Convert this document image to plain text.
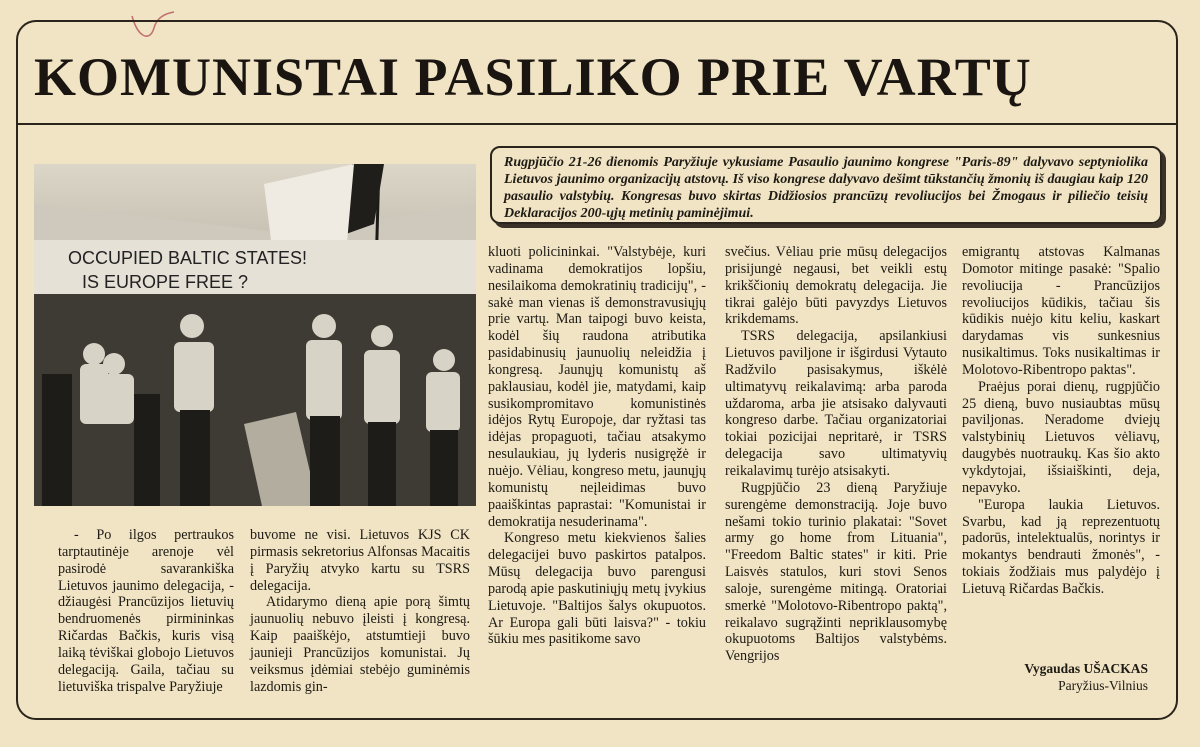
KOMUNISTAI PASILIKO PRIE VARTŲ
Rugpjūčio 21-26 dienomis Paryžiuje vykusiame Pasaulio jaunimo kongrese "Paris-89" dalyvavo septyniolika Lietuvos jaunimo organizacijų atstovų. Iš viso kongrese dalyvavo dešimt tūkstančių žmonių iš daugiau kaip 120 pasaulio valstybių. Kongresas buvo skirtas Didžiosios prancūzų revoliucijos bei Žmogaus ir piliečio teisių Deklaracijos 200-ųjų metinių paminėjimui.
OCCUPIED BALTIC STATES!
IS EUROPE FREE ?

- Po ilgos pertraukos tarptautinėje arenoje vėl pasirodė savarankiška Lietuvos jaunimo delegacija, - džiaugėsi Prancūzijos lietuvių bendruomenės pirmininkas Ričardas Bačkis, kuris visą laiką tėviškai globojo Lietuvos delegaciją. Gaila, tačiau su lietuviška trispalve Paryžiuje

buvome ne visi. Lietuvos KJS CK pirmasis sekretorius Alfonsas Macaitis į Paryžių atvyko kartu su TSRS delegacija.

Atidarymo dieną apie porą šimtų jaunuolių nebuvo įleisti į kongresą. Kaip paaiškėjo, atstumtieji buvo jaunieji Prancūzijos komunistai. Jų veiksmus įdėmiai stebėjo guminėmis lazdomis gin-

kluoti policininkai. "Valstybėje, kuri vadinama demokratijos lopšiu, nesilaikoma demokratinių tradicijų", - sakė man vienas iš demonstravusiųjų prie vartų. Man taipogi buvo keista, kodėl šių raudona atributika pasidabinusių jaunuolių neleidžia į kongresą. Jaunųjų komunistų aš paklausiau, kodėl jie, matydami, kaip susikompromitavo komunistinės idėjos Rytų Europoje, dar ryžtasi tas idėjas propaguoti, tačiau atsakymo nesulaukiau, jų lyderis nusigręžė ir nuėjo. Vėliau, kongreso metu, jaunųjų komunistų neįleidimas buvo paaiškintas paprastai: "Komunistai ir demokratija nesuderinama".

Kongreso metu kiekvienos šalies delegacijei buvo paskirtos patalpos. Mūsų delegacija buvo parengusi parodą apie paskutiniųjų metų įvykius Lietuvoje. "Baltijos šalys okupuotos. Ar Europa gali būti laisva?" - tokiu šūkiu mes pasitikome savo

svečius. Vėliau prie mūsų delegacijos prisijungė negausi, bet veikli estų krikščionių demokratų delegacija. Jie tikrai galėjo būti pavyzdys Lietuvos krikdemams.

TSRS delegacija, apsilankiusi Lietuvos paviljone ir išgirdusi Vytauto Radžvilo pasisakymus, iškėlė ultimatyvų reikalavimą: arba paroda uždaroma, arba jie atsisako dalyvauti kongreso darbe. Tačiau organizatoriai tokiai pozicijai nepritarė, ir TSRS delegacija savo ultimatyvių reikalavimų turėjo atsisakyti.

Rugpjūčio 23 dieną Paryžiuje surengėme demonstraciją. Joje buvo nešami tokio turinio plakatai: "Sovet army go home from Lituania", "Freedom Baltic states" ir kiti. Prie Laisvės statulos, kuri stovi Senos saloje, surengėme mitingą. Oratoriai smerkė "Molotovo-Ribentropo paktą", reikalavo sugrąžinti nepriklausomybę okupuotoms Baltijos valstybėms. Vengrijos

emigrantų atstovas Kalmanas Domotor mitinge pasakė: "Spalio revoliucija - Prancūzijos revoliucijos kūdikis, tačiau šis kūdikis nuėjo kitu keliu, kaskart darydamas vis sunkesnius nusikaltimus. Toks nusikaltimas ir Molotovo-Ribentropo paktas".

Praėjus porai dienų, rugpjūčio 25 dieną, buvo nusiaubtas mūsų paviljonas. Neradome dviejų valstybinių Lietuvos vėliavų, daugybės nuotraukų. Kas šio akto vykdytojai, išsiaiškinti, deja, nepavyko.

"Europa laukia Lietuvos. Svarbu, kad ją reprezentuotų padorūs, intelektualūs, norintys ir mokantys bendrauti žmonės", - tokiais žodžiais mus palydėjo į Lietuvą Ričardas Bačkis.

Vygaudas UŠACKAS
Paryžius-Vilnius
